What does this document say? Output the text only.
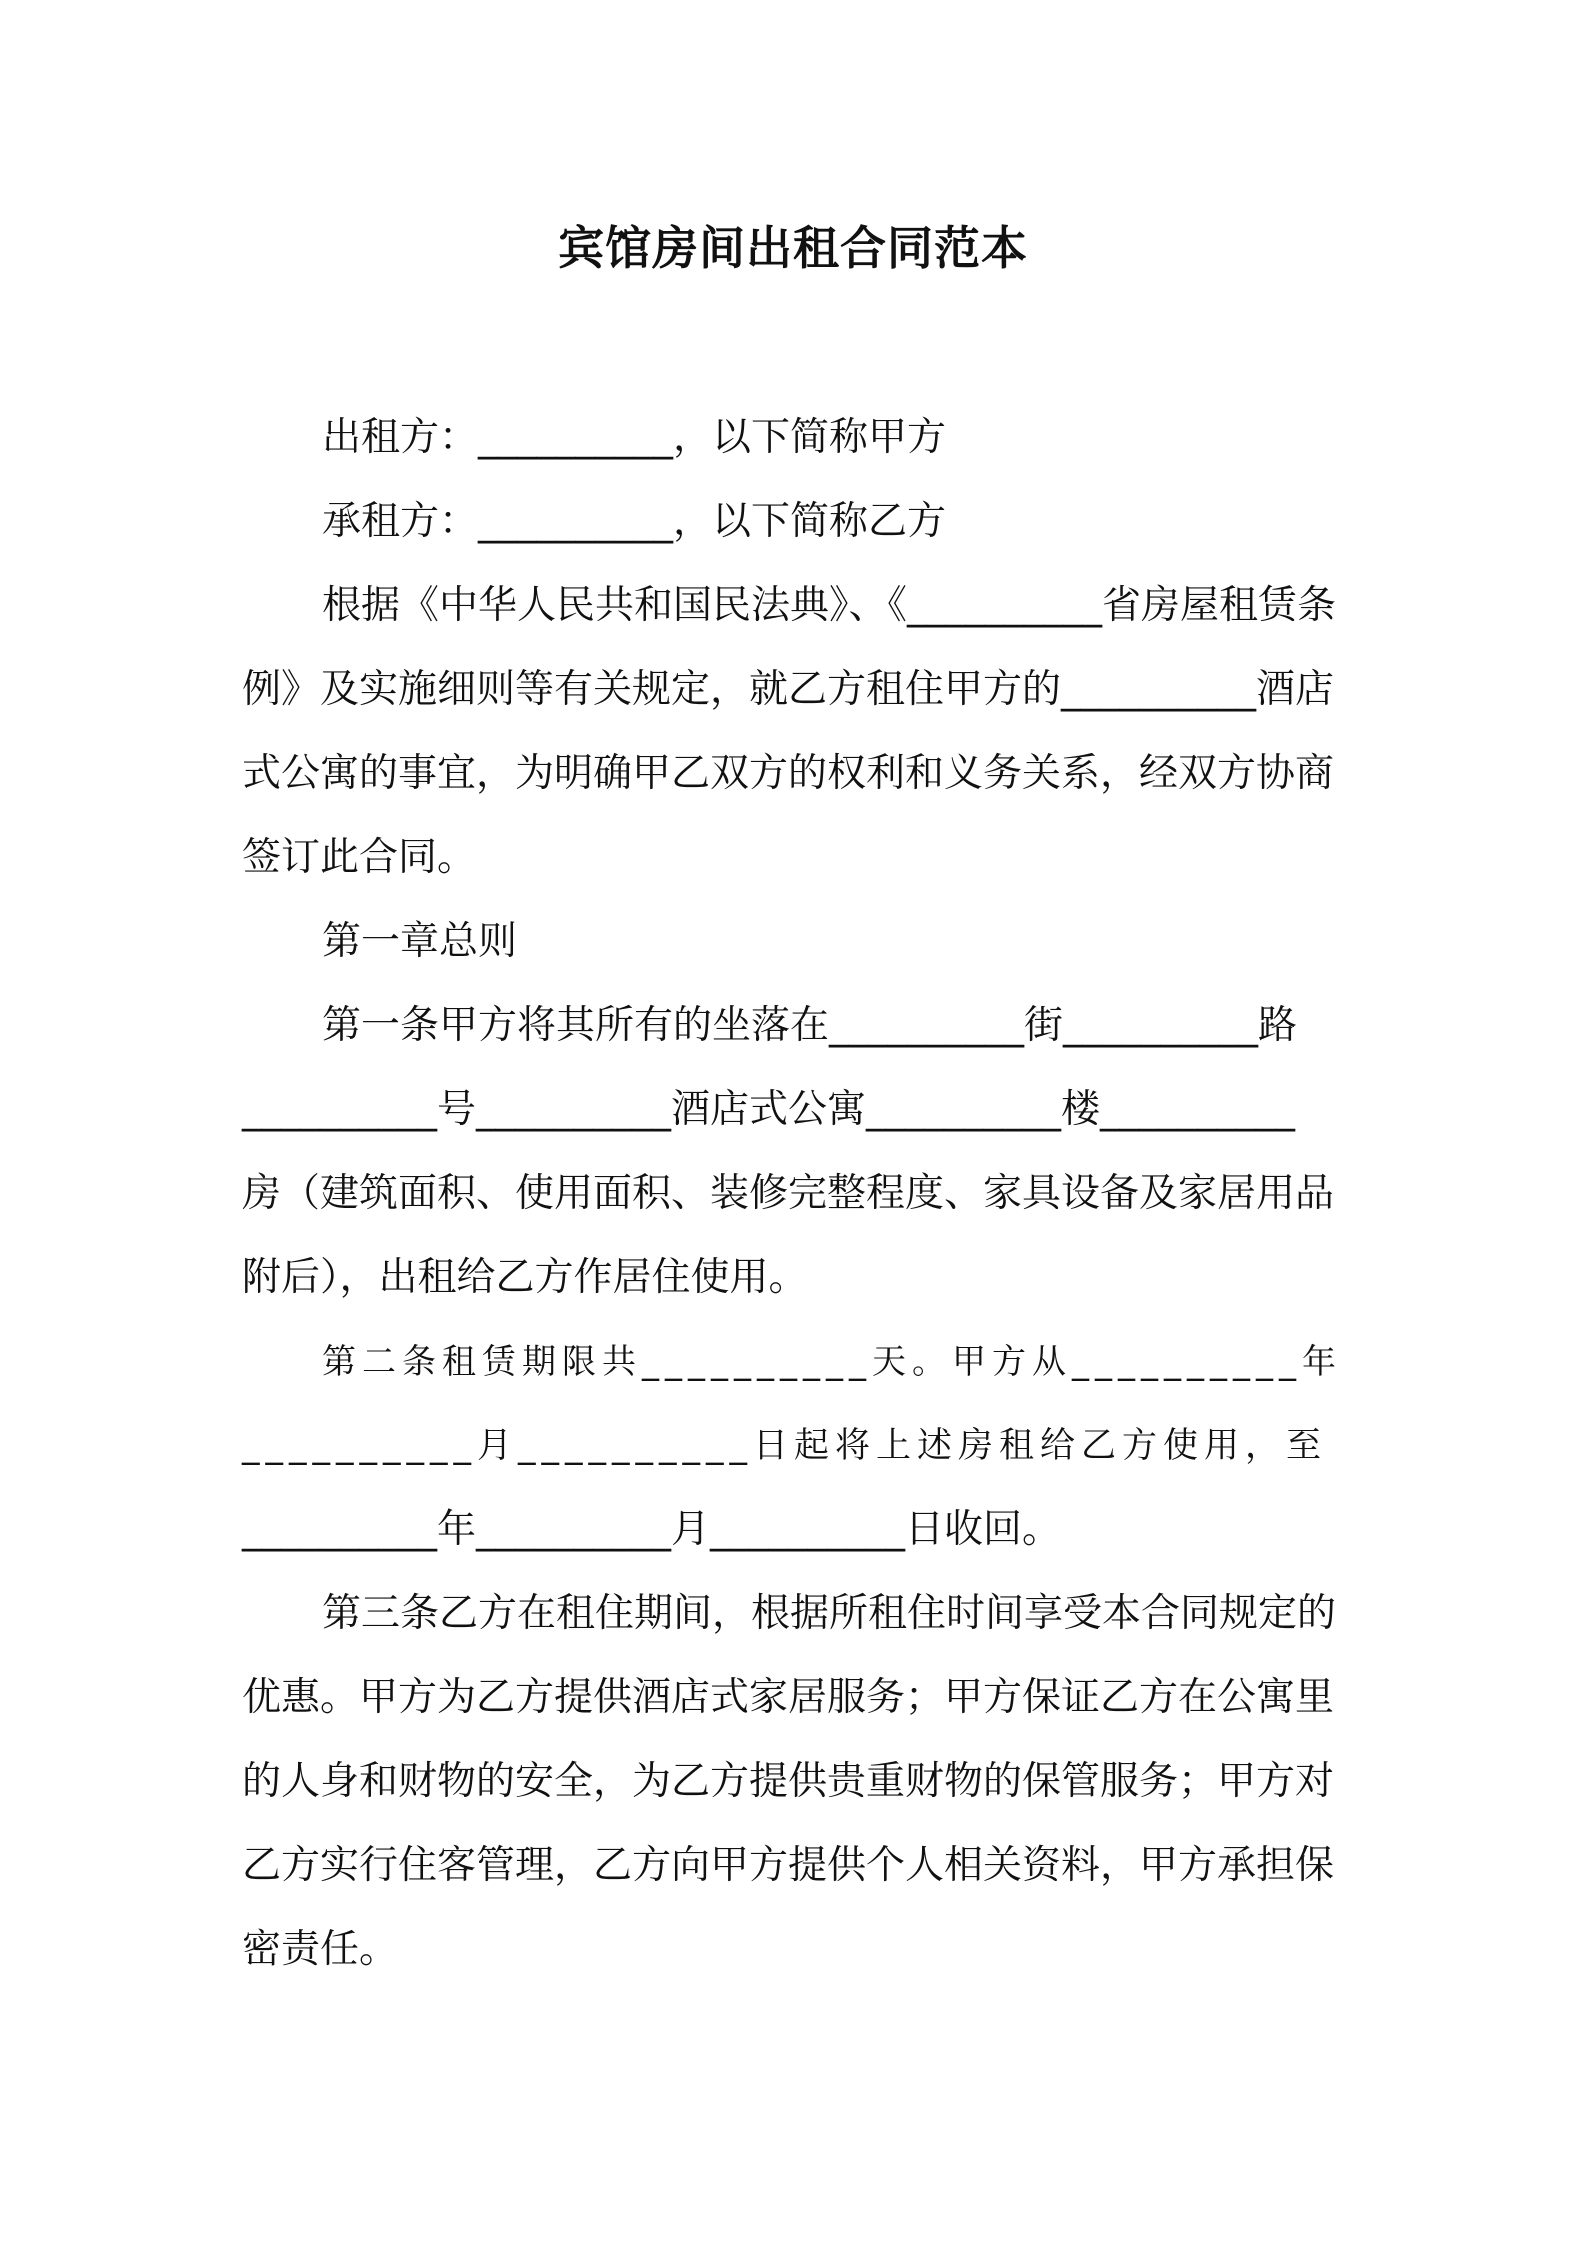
宾馆房间出租合同范本
出租方：__________，以下简称甲方
承租方：__________，以下简称乙方
根据《中华人民共和国民法典》、《__________省房屋租赁条
例》及实施细则等有关规定，就乙方租住甲方的__________酒店
式公寓的事宜，为明确甲乙双方的权利和义务关系，经双方协商
签订此合同。
第一章总则
第一条甲方将其所有的坐落在__________街__________路
__________号__________酒店式公寓__________楼__________
房（建筑面积、使用面积、装修完整程度、家具设备及家居用品
附后），出租给乙方作居住使用。
第二条租赁期限共__________天。甲方从__________年
__________月__________日起将上述房租给乙方使用，至
__________年__________月__________日收回。
第三条乙方在租住期间，根据所租住时间享受本合同规定的
优惠。甲方为乙方提供酒店式家居服务；甲方保证乙方在公寓里
的人身和财物的安全，为乙方提供贵重财物的保管服务；甲方对
乙方实行住客管理，乙方向甲方提供个人相关资料，甲方承担保
密责任。
